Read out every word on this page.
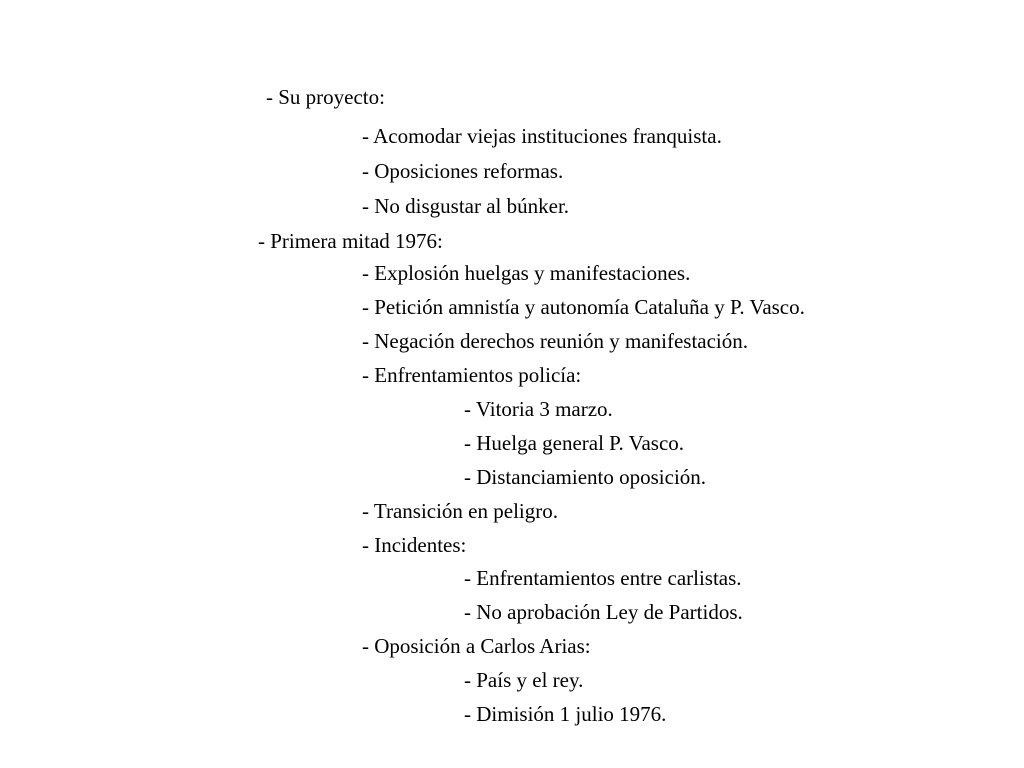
- Su proyecto:
- Acomodar viejas instituciones franquista.
- Oposiciones reformas.
- No disgustar al búnker.
- Primera mitad 1976:
- Explosión huelgas y manifestaciones.
- Petición amnistía y autonomía Cataluña y P. Vasco.
- Negación derechos reunión y manifestación.
- Enfrentamientos policía:
- Vitoria 3 marzo.
- Huelga general P. Vasco.
- Distanciamiento oposición.
- Transición en peligro.
- Incidentes:
- Enfrentamientos entre carlistas.
- No aprobación Ley de Partidos.
- Oposición a Carlos Arias:
- País y el rey.
- Dimisión 1 julio 1976.
